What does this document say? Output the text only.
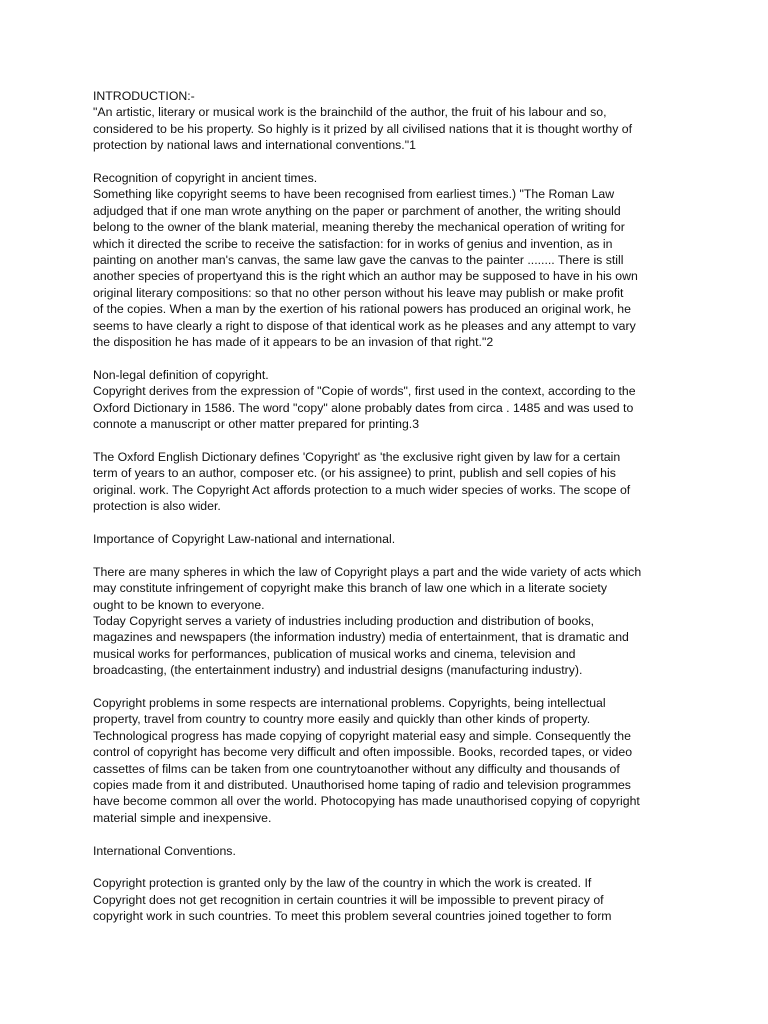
INTRODUCTION:-

"An artistic, literary or musical work is the brainchild of the author, the fruit of his labour and so,
considered to be his property. So highly is it prized by all civilised nations that it is thought worthy of
protection by national laws and international conventions."1

Recognition of copyright in ancient times.

Something like copyright seems to have been recognised from earliest times.) "The Roman Law
adjudged that if one man wrote anything on the paper or parchment of another, the writing should
belong to the owner of the blank material, meaning thereby the mechanical operation of writing for
which it directed the scribe to receive the satisfaction: for in works of genius and invention, as in
painting on another man's canvas, the same law gave the canvas to the painter ........ There is still
another species of propertyand this is the right which an author may be supposed to have in his own
original literary compositions: so that no other person without his leave may publish or make profit
of the copies. When a man by the exertion of his rational powers has produced an original work, he
seems to have clearly a right to dispose of that identical work as he pleases and any attempt to vary
the disposition he has made of it appears to be an invasion of that right."2

Non-legal definition of copyright.

Copyright derives from the expression of "Copie of words", first used in the context, according to the
Oxford Dictionary in 1586. The word "copy" alone probably dates from circa . 1485 and was used to
connote a manuscript or other matter prepared for printing.3

The Oxford English Dictionary defines 'Copyright' as 'the exclusive right given by law for a certain
term of years to an author, composer etc. (or his assignee) to print, publish and sell copies of his
original. work. The Copyright Act affords protection to a much wider species of works. The scope of
protection is also wider.

Importance of Copyright Law-national and international.

There are many spheres in which the law of Copyright plays a part and the wide variety of acts which
may constitute infringement of copyright make this branch of law one which in a literate society
ought to be known to everyone.

Today Copyright serves a variety of industries including production and distribution of books,
magazines and newspapers (the information industry) media of entertainment, that is dramatic and
musical works for performances, publication of musical works and cinema, television and
broadcasting, (the entertainment industry) and industrial designs (manufacturing industry).

Copyright problems in some respects are international problems. Copyrights, being intellectual
property, travel from country to country more easily and quickly than other kinds of property.
Technological progress has made copying of copyright material easy and simple. Consequently the
control of copyright has become very difficult and often impossible. Books, recorded tapes, or video
cassettes of films can be taken from one countrytoanother without any difficulty and thousands of
copies made from it and distributed. Unauthorised home taping of radio and television programmes
have become common all over the world. Photocopying has made unauthorised copying of copyright
material simple and inexpensive.

International Conventions.

Copyright protection is granted only by the law of the country in which the work is created. If
Copyright does not get recognition in certain countries it will be impossible to prevent piracy of
copyright work in such countries. To meet this problem several countries joined together to form
